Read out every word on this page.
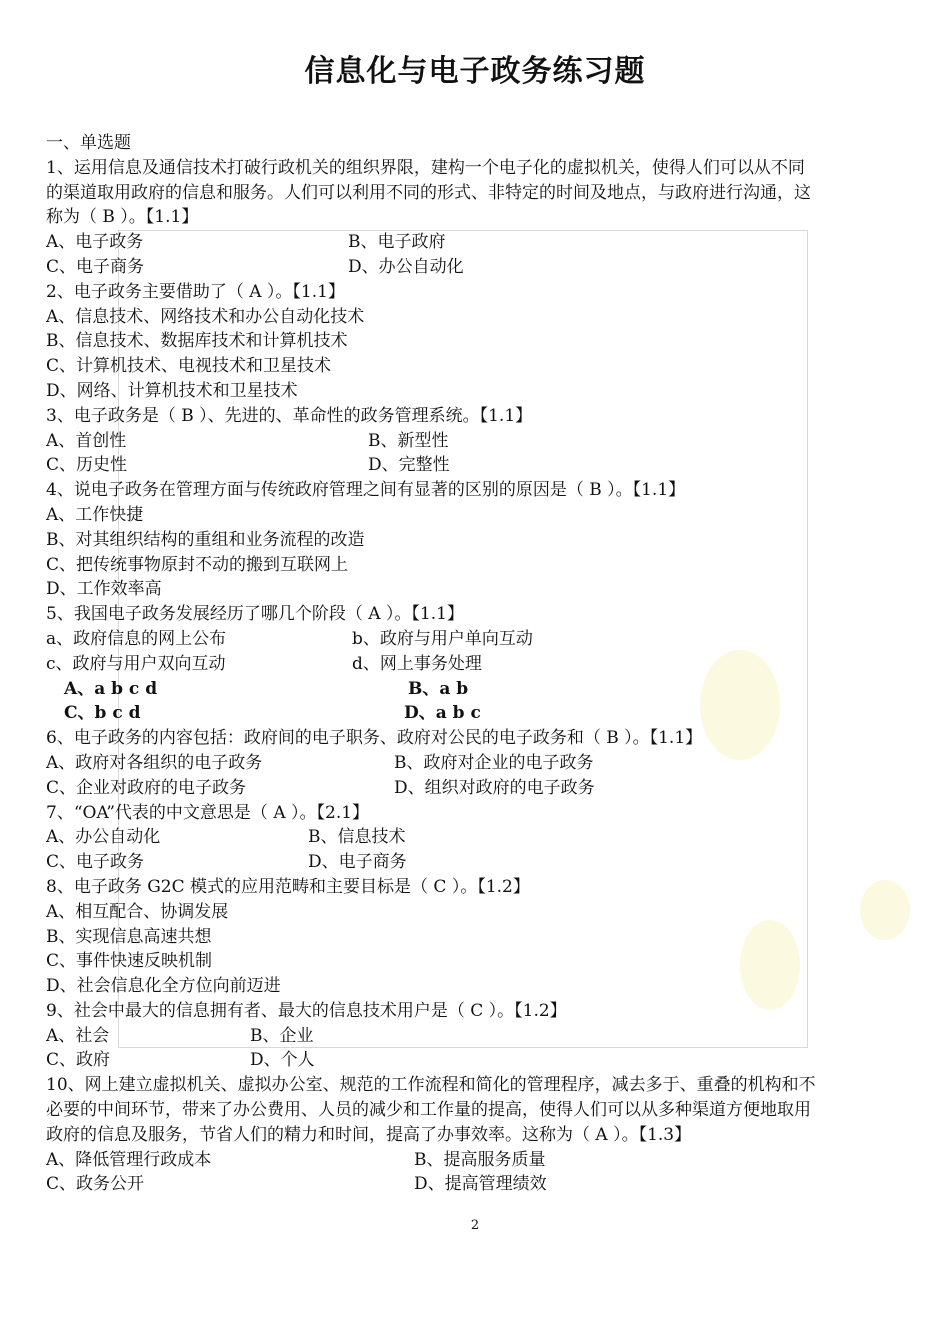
信息化与电子政务练习题
一、单选题
1、运用信息及通信技术打破行政机关的组织界限，建构一个电子化的虚拟机关，使得人们可以从不同
的渠道取用政府的信息和服务。人们可以利用不同的形式、非特定的时间及地点，与政府进行沟通，这
称为（ B ）。【1.1】
A、电子政务	B、电子政府
C、电子商务	D、办公自动化
2、电子政务主要借助了（ A ）。【1.1】
A、信息技术、网络技术和办公自动化技术
B、信息技术、数据库技术和计算机技术
C、计算机技术、电视技术和卫星技术
D、网络、计算机技术和卫星技术
3、电子政务是（ B ）、先进的、革命性的政务管理系统。【1.1】
A、首创性	B、新型性
C、历史性	D、完整性
4、说电子政务在管理方面与传统政府管理之间有显著的区别的原因是（ B ）。【1.1】
A、工作快捷
B、对其组织结构的重组和业务流程的改造
C、把传统事物原封不动的搬到互联网上
D、工作效率高
5、我国电子政务发展经历了哪几个阶段（ A ）。【1.1】
a、政府信息的网上公布	b、政府与用户单向互动
c、政府与用户双向互动	d、网上事务处理
A、a b c d	B、a b
C、b c d	D、a b c
6、电子政务的内容包括：政府间的电子职务、政府对公民的电子政务和（ B ）。【1.1】
A、政府对各组织的电子政务	B、政府对企业的电子政务
C、企业对政府的电子政务	D、组织对政府的电子政务
7、“OA”代表的中文意思是（ A ）。【2.1】
A、办公自动化	B、信息技术
C、电子政务	D、电子商务
8、电子政务 G2C 模式的应用范畴和主要目标是（ C ）。【1.2】
A、相互配合、协调发展
B、实现信息高速共想
C、事件快速反映机制
D、社会信息化全方位向前迈进
9、社会中最大的信息拥有者、最大的信息技术用户是（ C ）。【1.2】
A、社会	B、企业
C、政府	D、个人
10、网上建立虚拟机关、虚拟办公室、规范的工作流程和简化的管理程序，减去多于、重叠的机构和不
必要的中间环节，带来了办公费用、人员的减少和工作量的提高，使得人们可以从多种渠道方便地取用
政府的信息及服务，节省人们的精力和时间，提高了办事效率。这称为（ A ）。【1.3】
A、降低管理行政成本	B、提高服务质量
C、政务公开	D、提高管理绩效
2
